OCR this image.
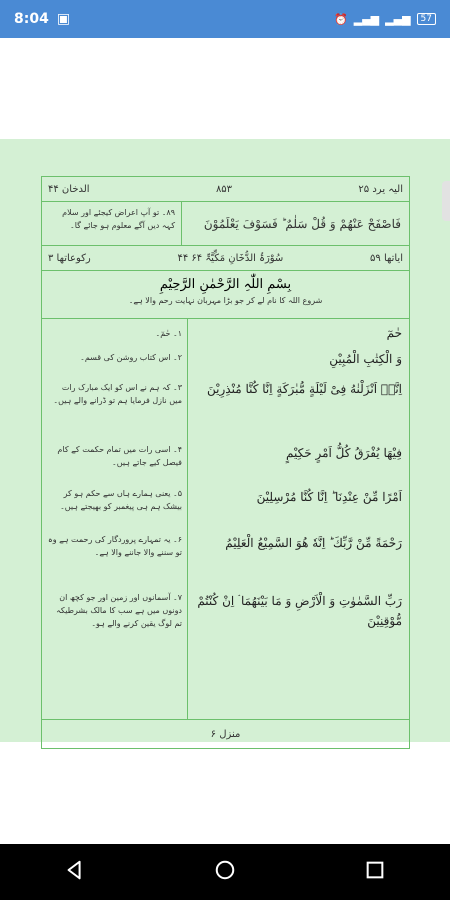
8:04 ▣	⏰ ▂▄▆ ▂▄▆	57
الدخان ۴۴	۸۵۳	الیہ یرد ۲۵
۸۹۔ تو آپ اعراض کیجئے اور سلام کہہ دیں آگے معلوم ہو جائے گا۔	فَاصْفَحْ عَنْهُمْ وَ قُلْ سَلٰمٌ ؕ فَسَوْفَ یَعْلَمُوْنَ
رکوعاتھا ۳	۴۴ سُوْرَۃُ الدُّخَانِ مَکِّیَّۃٌ ۶۴	ایاتھا ۵۹
بِسْمِ اللّٰہِ الرَّحْمٰنِ الرَّحِیْمِ
شروع اللہ کا نام لے کر جو بڑا مہربان نہایت رحم والا ہے۔
۱۔ حٰمٓ۔	حٰمٓ
۲۔ اس کتاب روشن کی قسم۔	وَ الْكِتٰبِ الْمُبِیْنِ
۳۔ کہ ہم نے اس کو ایک مبارک رات میں نازل فرمایا ہم تو ڈرانے والے ہیں۔
اِنَّاۤ اَنْزَلْنٰهُ فِیْ لَیْلَةٍ مُّبٰرَكَةٍ اِنَّا كُنَّا مُنْذِرِیْنَ
۴۔ اسی رات میں تمام حکمت کے کام فیصل کیے جاتے ہیں۔
فِیْهَا یُفْرَقُ كُلُّ اَمْرٍ حَكِیْمٍ
۵۔ یعنی ہمارے ہاں سے حکم ہو کر بیشک ہم ہی پیغمبر کو بھیجتے ہیں۔
اَمْرًا مِّنْ عِنْدِنَا ؕ اِنَّا كُنَّا مُرْسِلِیْنَ
۶۔ یہ تمہارے پروردگار کی رحمت ہے وہ تو سننے والا جاننے والا ہے۔
رَحْمَةً مِّنْ رَّبِّكَ ؕ اِنَّهٗ هُوَ السَّمِیْعُ الْعَلِیْمُ
۷۔ آسمانوں اور زمین اور جو کچھ ان دونوں میں ہے سب کا مالک بشرطیکہ تم لوگ یقین کرنے والے ہو۔
رَبِّ السَّمٰوٰتِ وَ الْاَرْضِ وَ مَا بَیْنَهُمَا ۘ اِنْ كُنْتُمْ مُّوْقِنِیْنَ
منزل ۶
